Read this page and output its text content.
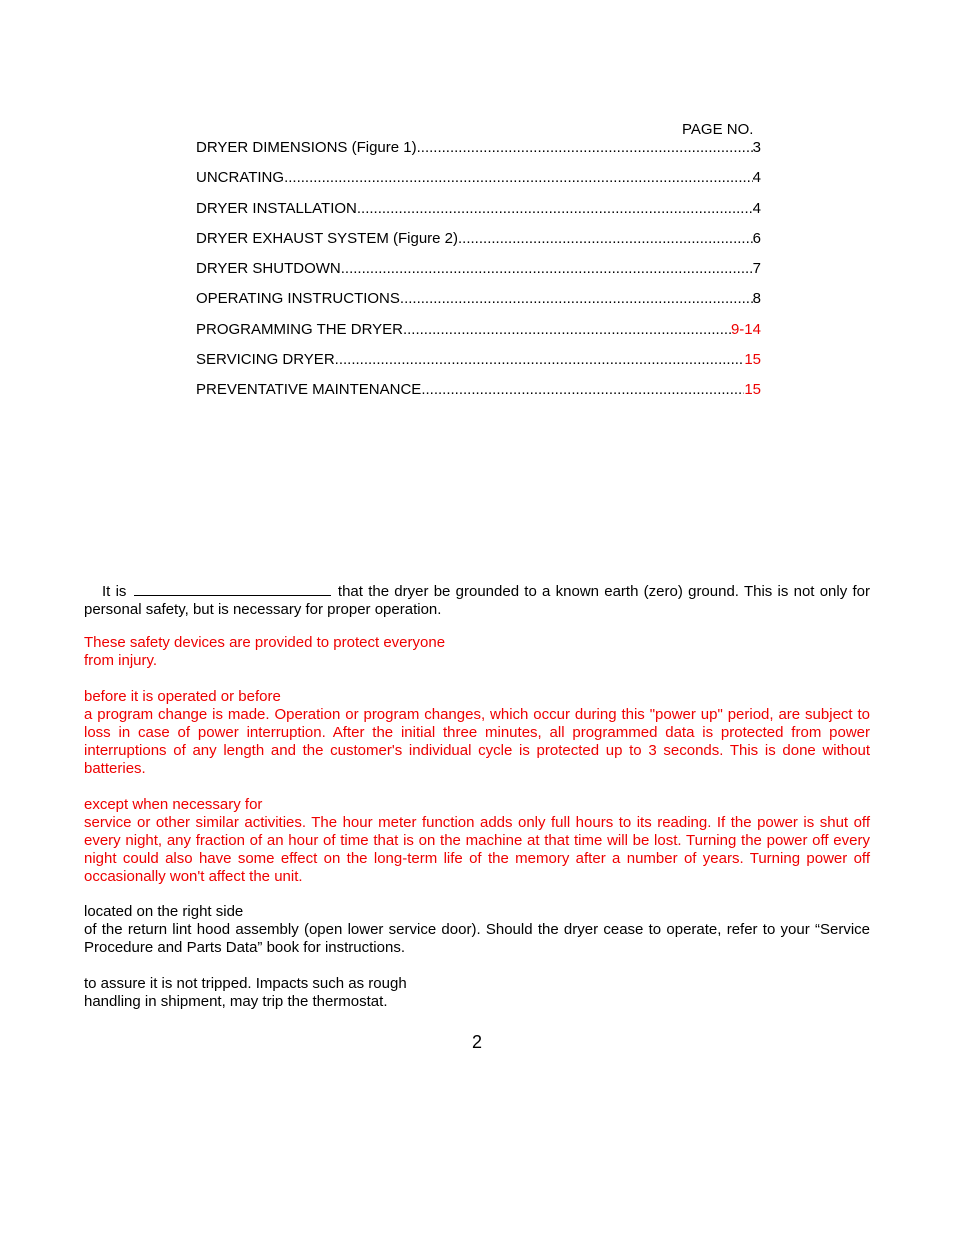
PAGE NO.
DRYER DIMENSIONS (Figure 1) .....	3
UNCRATING .....	4
DRYER INSTALLATION .....	4
DRYER EXHAUST SYSTEM (Figure 2) .....	6
DRYER SHUTDOWN .....	7
OPERATING INSTRUCTIONS .....	8
PROGRAMMING THE DRYER .....	9-14
SERVICING DRYER .....	15
PREVENTATIVE MAINTENANCE .....	15

It is	that the dryer be grounded to a known earth (zero) ground. This is not only for personal safety, but is necessary for proper operation.

These safety devices are provided to protect everyone
from injury.

before it is operated or before
a program change is made. Operation or program changes, which occur during this "power up" period, are subject to loss in case of power interruption. After the initial three minutes, all programmed data is protected from power interruptions of any length and the customer's individual cycle is protected up to 3 seconds. This is done without batteries.

except when necessary for
service or other similar activities. The hour meter function adds only full hours to its reading. If the power is shut off every night, any fraction of an hour of time that is on the machine at that time will be lost. Turning the power off every night could also have some effect on the long-term life of the memory after a number of years. Turning power off occasionally won't affect the unit.

located on the right side
of the return lint hood assembly (open lower service door). Should the dryer cease to operate, refer to your “Service Procedure and Parts Data” book for instructions.

to assure it is not tripped. Impacts such as rough
handling in shipment, may trip the thermostat.

2
